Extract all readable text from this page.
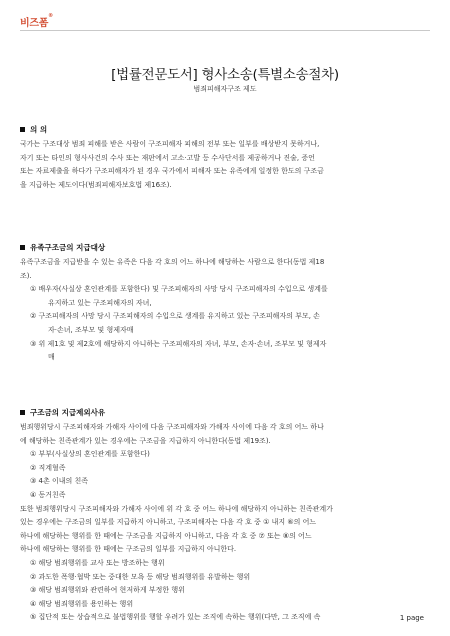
비즈폼®
[법률전문도서] 형사소송(특별소송절차)
범죄피해자구조 제도
의 의
국가는 구조대상 범죄 피해를 받은 사람이 구조피해자 피해의 전부 또는 일부를 배상받지 못하거나,
자기 또는 타인의 형사사건의 수사 또는 재판에서 고소·고발 등 수사단서를 제공하거나 진술, 증언
또는 자료제출을 하다가 구조피해자가 된 경우 국가에서 피해자 또는 유족에게 일정한 한도의 구조금
을 지급하는 제도이다(범죄피해자보호법 제16조).
유족구조금의 지급대상
유족구조금을 지급받을 수 있는 유족은 다음 각 호의 어느 하나에 해당하는 사람으로 한다(동법 제18
조).
① 배우자(사실상 혼인관계를 포함한다) 및 구조피해자의 사망 당시 구조피해자의 수입으로 생계를
유지하고 있는 구조피해자의 자녀,
② 구조피해자의 사망 당시 구조피해자의 수입으로 생계를 유지하고 있는 구조피해자의 부모, 손
자·손녀, 조부모 및 형제자매
③ 위 제1호 및 제2호에 해당하지 아니하는 구조피해자의 자녀, 부모, 손자·손녀, 조부모 및 형제자
매
구조금의 지급제외사유
범죄행위당시 구조피해자와 가해자 사이에 다음 구조피해자와 가해자 사이에 다음 각 호의 어느 하나
에 해당하는 친족관계가 있는 경우에는 구조금을 지급하지 아니한다(동법 제19조).
① 부부(사실상의 혼인관계를 포함한다)
② 직계혈족
③ 4촌 이내의 친족
④ 동거친족
또한 범죄행위당시 구조피해자와 가해자 사이에 위 각 호 중 어느 하나에 해당하지 아니하는 친족관계가
있는 경우에는 구조금의 일부를 지급하지 아니하고, 구조피해자는 다음 각 호 중 ① 내지 ⑥의 어느
하나에 해당하는 행위를 한 때에는 구조금을 지급하지 아니하고, 다음 각 호 중 ⑦ 또는 ⑧의 어느
하나에 해당하는 행위를 한 때에는 구조금의 일부를 지급하지 아니한다.
① 해당 범죄행위를 교사 또는 방조하는 행위
② 과도한 폭행·협박 또는 중대한 모욕 등 해당 범죄행위를 유발하는 행위
③ 해당 범죄행위와 관련하여 현저하게 부정한 행위
④ 해당 범죄행위를 용인하는 행위
⑤ 집단적 또는 상습적으로 불법행위를 행할 우려가 있는 조직에 속하는 행위(다만, 그 조직에 속	1 page
